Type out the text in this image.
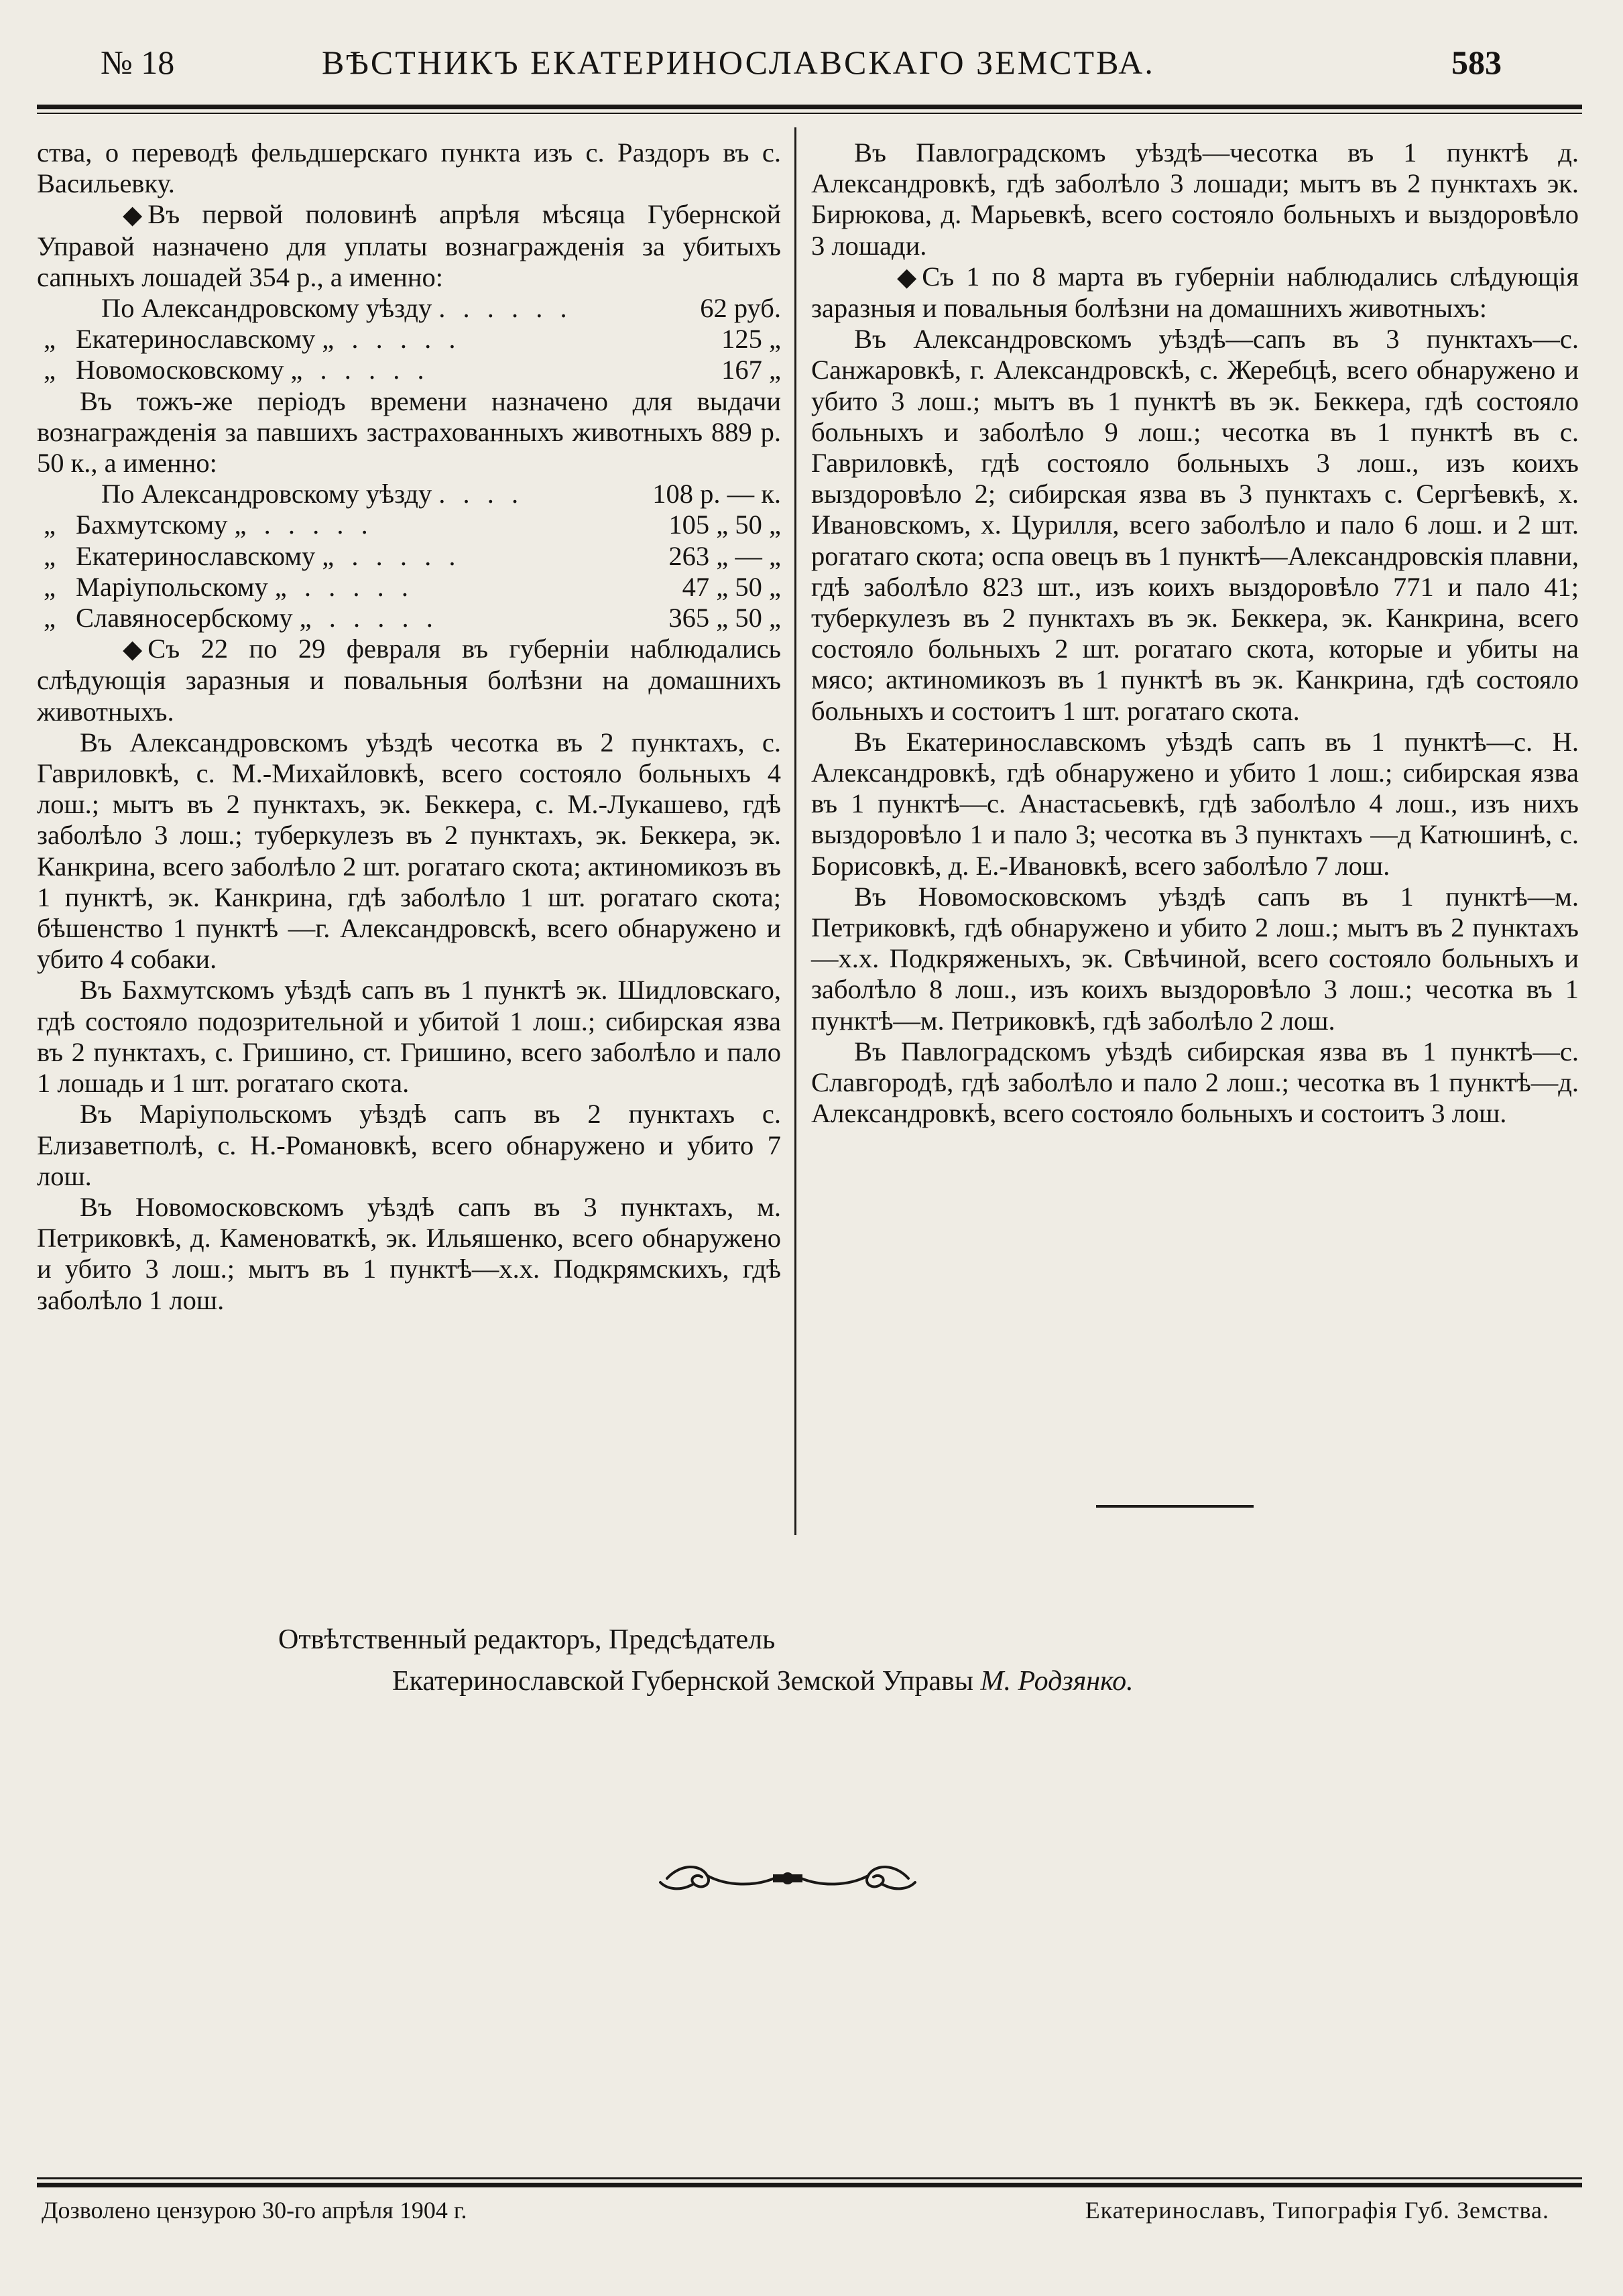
№ 18	ВѢСТНИКЪ ЕКАТЕРИНОСЛАВСКАГО ЗЕМСТВА.	583

ства, о переводѣ фельдшерскаго пункта изъ с. Раздоръ въ с. Васильевку.

◆ Въ первой половинѣ апрѣля мѣсяца Губернской Управой назначено для уплаты вознагражденія за убитыхъ сапныхъ лошадей 354 р., а именно:

По Александровскому уѣзду . . . . . .	62 руб.
„ Екатеринославскому „ . . . . .	125 „
„ Новомосковскому „ . . . . .	167 „

Въ тожъ-же періодъ времени назначено для выдачи вознагражденія за павшихъ застрахованныхъ животныхъ 889 р. 50 к., а именно:

По Александровскому уѣзду . . . .	108 р. — к.
„ Бахмутскому „ . . . . .	105 „ 50 „
„ Екатеринославскому „ . . . . .	263 „ — „
„ Маріупольскому „ . . . . .	47 „ 50 „
„ Славяносербскому „ . . . . .	365 „ 50 „

◆ Съ 22 по 29 февраля въ губерніи наблюдались слѣдующія заразныя и повальныя болѣзни на домашнихъ животныхъ.

Въ Александровскомъ уѣздѣ чесотка въ 2 пунктахъ, с. Гавриловкѣ, с. М.-Михайловкѣ, всего состояло больныхъ 4 лош.; мытъ въ 2 пунктахъ, эк. Беккера, с. М.-Лукашево, гдѣ заболѣло 3 лош.; туберкулезъ въ 2 пунктахъ, эк. Беккера, эк. Канкрина, всего заболѣло 2 шт. рогатаго скота; актиномикозъ въ 1 пунктѣ, эк. Канкрина, гдѣ заболѣло 1 шт. рогатаго скота; бѣшенство 1 пунктѣ —г. Александровскѣ, всего обнаружено и убито 4 собаки.

Въ Бахмутскомъ уѣздѣ сапъ въ 1 пунктѣ эк. Шидловскаго, гдѣ состояло подозрительной и убитой 1 лош.; сибирская язва въ 2 пунктахъ, с. Гришино, ст. Гришино, всего заболѣло и пало 1 лошадь и 1 шт. рогатаго скота.

Въ Маріупольскомъ уѣздѣ сапъ въ 2 пунктахъ с. Елизаветполѣ, с. Н.-Романовкѣ, всего обнаружено и убито 7 лош.

Въ Новомосковскомъ уѣздѣ сапъ въ 3 пунктахъ, м. Петриковкѣ, д. Каменоваткѣ, эк. Ильяшенко, всего обнаружено и убито 3 лош.; мытъ въ 1 пунктѣ—х.х. Подкрямскихъ, гдѣ заболѣло 1 лош.

Въ Павлоградскомъ уѣздѣ—чесотка въ 1 пунктѣ д. Александровкѣ, гдѣ заболѣло 3 лошади; мытъ въ 2 пунктахъ эк. Бирюкова, д. Марьевкѣ, всего состояло больныхъ и выздоровѣло 3 лошади.

◆ Съ 1 по 8 марта въ губерніи наблюдались слѣдующія заразныя и повальныя болѣзни на домашнихъ животныхъ:

Въ Александровскомъ уѣздѣ—сапъ въ 3 пунктахъ—с. Санжаровкѣ, г. Александровскѣ, с. Жеребцѣ, всего обнаружено и убито 3 лош.; мытъ въ 1 пунктѣ въ эк. Беккера, гдѣ состояло больныхъ и заболѣло 9 лош.; чесотка въ 1 пунктѣ въ с. Гавриловкѣ, гдѣ состояло больныхъ 3 лош., изъ коихъ выздоровѣло 2; сибирская язва въ 3 пунктахъ с. Сергѣевкѣ, х. Ивановскомъ, х. Цурилля, всего заболѣло и пало 6 лош. и 2 шт. рогатаго скота; оспа овецъ въ 1 пунктѣ—Александровскія плавни, гдѣ заболѣло 823 шт., изъ коихъ выздоровѣло 771 и пало 41; туберкулезъ въ 2 пунктахъ въ эк. Беккера, эк. Канкрина, всего состояло больныхъ 2 шт. рогатаго скота, которые и убиты на мясо; актиномикозъ въ 1 пунктѣ въ эк. Канкрина, гдѣ состояло больныхъ и состоитъ 1 шт. рогатаго скота.

Въ Екатеринославскомъ уѣздѣ сапъ въ 1 пунктѣ—с. Н. Александровкѣ, гдѣ обнаружено и убито 1 лош.; сибирская язва въ 1 пунктѣ—с. Анастасьевкѣ, гдѣ заболѣло 4 лош., изъ нихъ выздоровѣло 1 и пало 3; чесотка въ 3 пунктахъ —д Катюшинѣ, с. Борисовкѣ, д. Е.-Ивановкѣ, всего заболѣло 7 лош.

Въ Новомосковскомъ уѣздѣ сапъ въ 1 пунктѣ—м. Петриковкѣ, гдѣ обнаружено и убито 2 лош.; мытъ въ 2 пунктахъ—х.х. Подкряженыхъ, эк. Свѣчиной, всего состояло больныхъ и заболѣло 8 лош., изъ коихъ выздоровѣло 3 лош.; чесотка въ 1 пунктѣ—м. Петриковкѣ, гдѣ заболѣло 2 лош.

Въ Павлоградскомъ уѣздѣ сибирская язва въ 1 пунктѣ—с. Славгородѣ, гдѣ заболѣло и пало 2 лош.; чесотка въ 1 пунктѣ—д. Александровкѣ, всего состояло больныхъ и состоитъ 3 лош.

Отвѣтственный редакторъ, Предсѣдатель
Екатеринославской Губернской Земской Управы М. Родзянко.
Дозволено цензурою 30-го апрѣля 1904 г.	Екатеринославъ, Типографія Губ. Земства.
